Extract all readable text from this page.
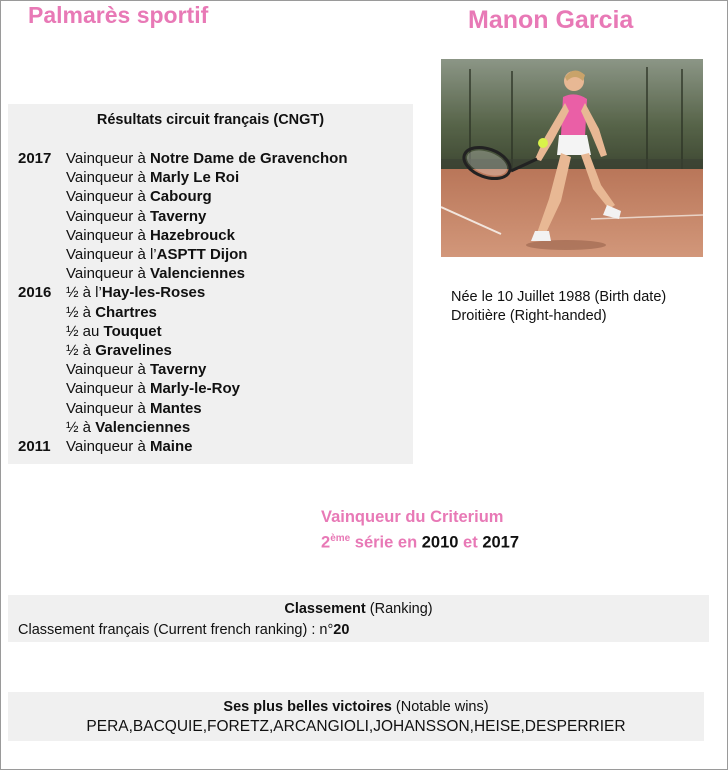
Palmarès sportif	Manon Garcia
Résultats circuit français (CNGT)
2017 Vainqueur à Notre Dame de Gravenchon
Vainqueur à Marly Le Roi
Vainqueur à Cabourg
Vainqueur à Taverny
Vainqueur à Hazebrouck
Vainqueur à l’ASPTT Dijon
Vainqueur à Valenciennes
2016 ½ à l’Hay-les-Roses
½ à Chartres
½ au Touquet
½ à Gravelines
Vainqueur à Taverny
Vainqueur à Marly-le-Roy
Vainqueur à Mantes
½ à Valenciennes
2011	Vainqueur à Maine
Née le 10 Juillet 1988 (Birth date)
Droitière (Right-handed)
Vainqueur du Criterium
2ème série en 2010 et 2017
Classement (Ranking)
Classement français (Current french ranking) : n°20
Ses plus belles victoires (Notable wins)
PERA,BACQUIE,FORETZ,ARCANGIOLI,JOHANSSON,HEISE,DESPERRIER
